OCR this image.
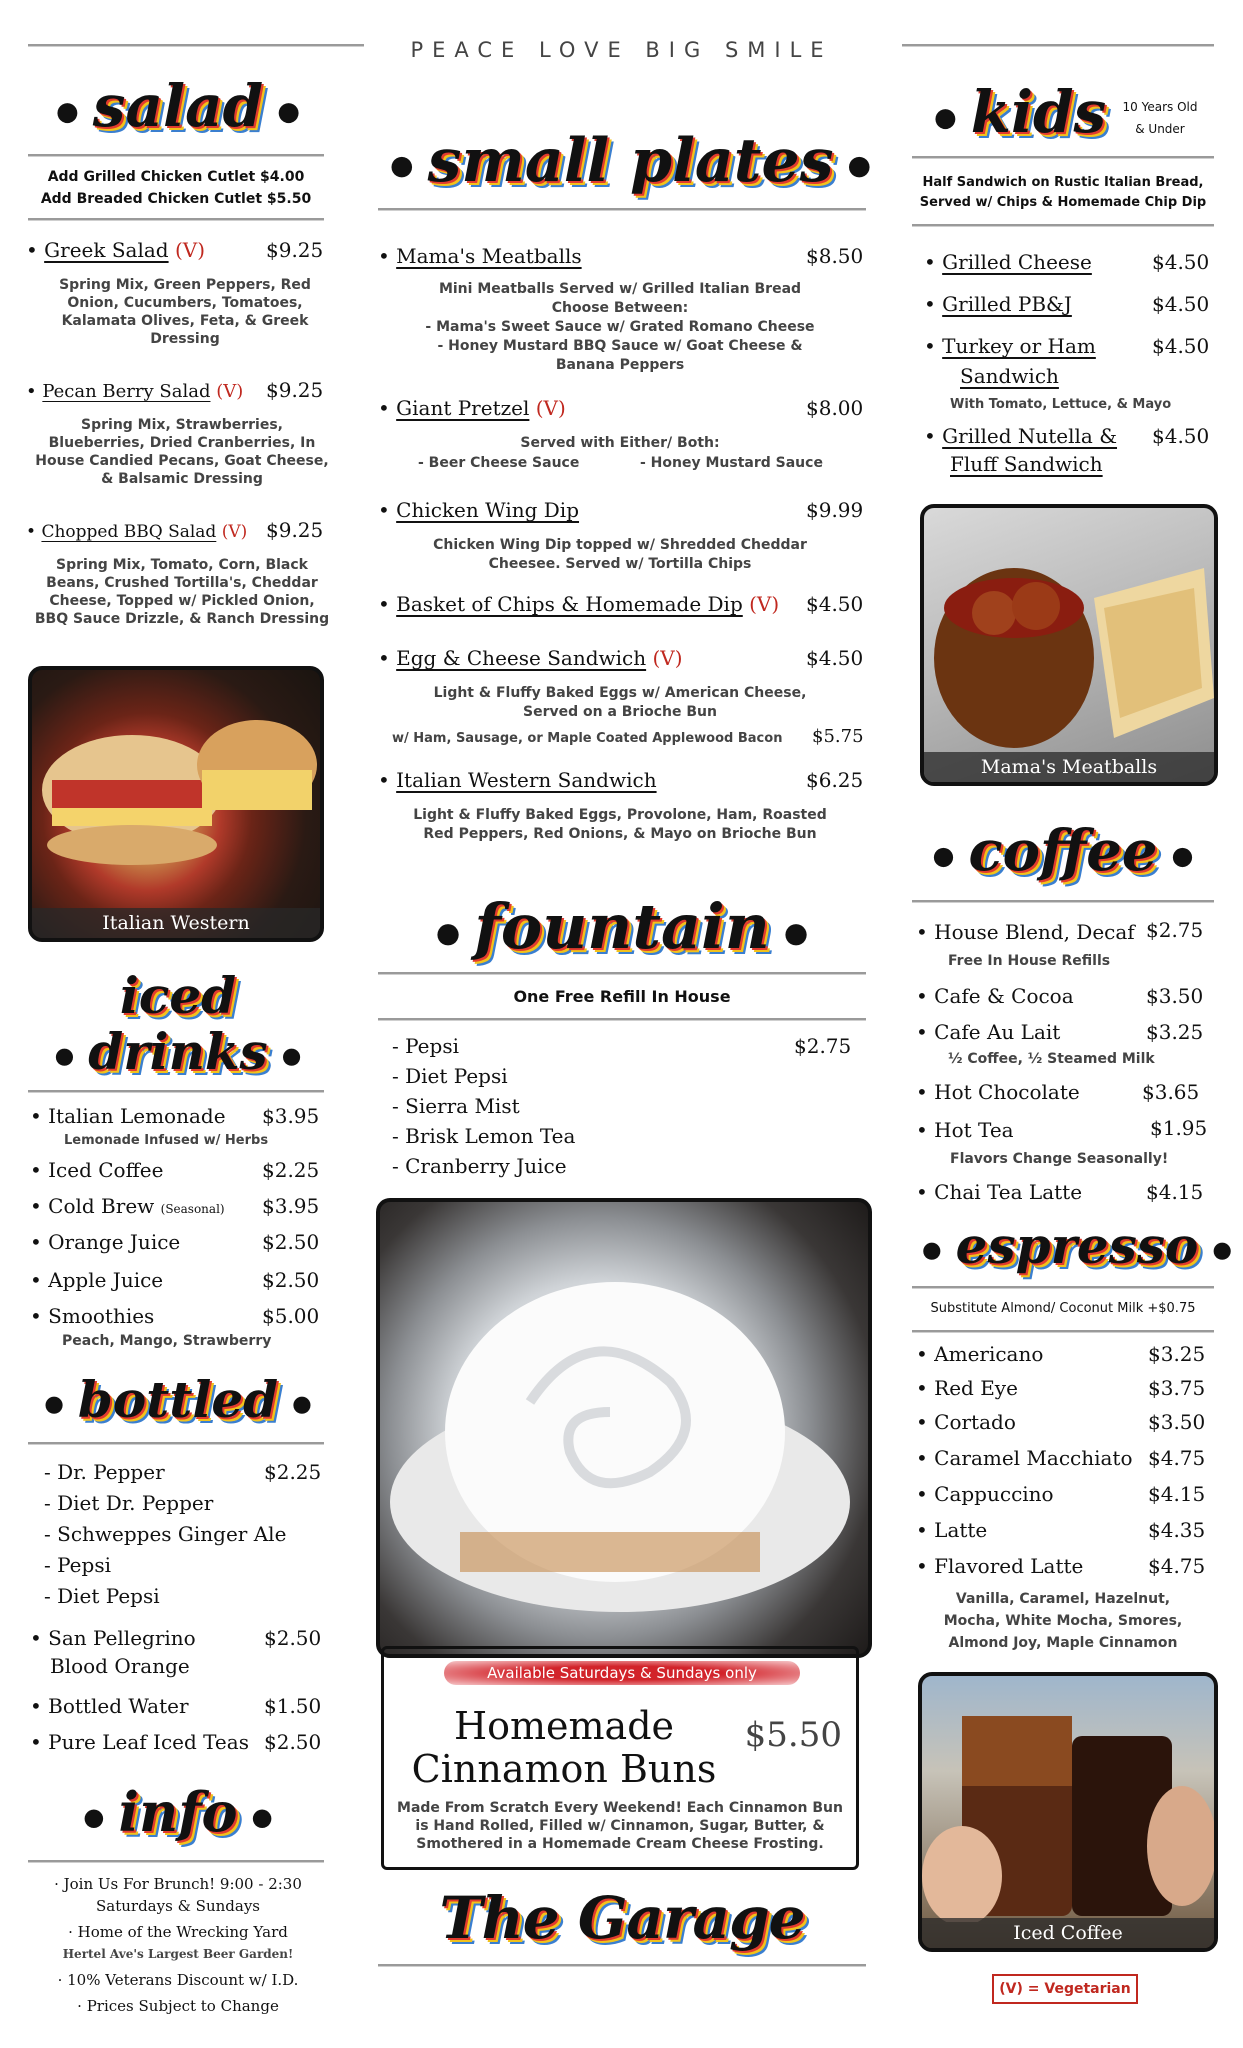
PEACE LOVE BIG SMILE
● salad ●
Add Grilled Chicken Cutlet $4.00
Add Breaded Chicken Cutlet $5.50
• Greek Salad (V)	$9.25
Spring Mix, Green Peppers, Red Onion, Cucumbers, Tomatoes, Kalamata Olives, Feta, & Greek Dressing
• Pecan Berry Salad (V) $9.25
Spring Mix, Strawberries, Blueberries, Dried Cranberries, In House Candied Pecans, Goat Cheese, & Balsamic Dressing
• Chopped BBQ Salad (V) $9.25
Spring Mix, Tomato, Corn, Black Beans, Crushed Tortilla's, Cheddar Cheese, Topped w/ Pickled Onion, BBQ Sauce Drizzle, & Ranch Dressing
Italian Western
iced
● drinks ●
• Italian Lemonade $3.95
Lemonade Infused w/ Herbs
• Iced Coffee	$2.25
• Cold Brew (Seasonal) $3.95
• Orange Juice	$2.50
• Apple Juice	$2.50
• Smoothies	$5.00
Peach, Mango, Strawberry
● bottled ●
- Dr. Pepper	$2.25
- Diet Dr. Pepper
- Schweppes Ginger Ale
- Pepsi
- Diet Pepsi
• San Pellegrino
Blood Orange
$2.50
• Bottled Water	$1.50
• Pure Leaf Iced Teas $2.50
● info ●
· Join Us For Brunch! 9:00 - 2:30
Saturdays & Sundays
· Home of the Wrecking Yard
Hertel Ave's Largest Beer Garden!
· 10% Veterans Discount w/ I.D.
· Prices Subject to Change
● small plates ●
• Mama's Meatballs	$8.50
Mini Meatballs Served w/ Grilled Italian Bread
Choose Between:
- Mama's Sweet Sauce w/ Grated Romano Cheese
- Honey Mustard BBQ Sauce w/ Goat Cheese &
Banana Peppers
• Giant Pretzel (V)	$8.00
Served with Either/ Both:
- Beer Cheese Sauce	- Honey Mustard Sauce
• Chicken Wing Dip	$9.99
Chicken Wing Dip topped w/ Shredded Cheddar
Cheesee. Served w/ Tortilla Chips
• Basket of Chips & Homemade Dip (V) $4.50
• Egg & Cheese Sandwich (V)	$4.50
Light & Fluffy Baked Eggs w/ American Cheese,
Served on a Brioche Bun
w/ Ham, Sausage, or Maple Coated Applewood Bacon $5.75
• Italian Western Sandwich	$6.25
Light & Fluffy Baked Eggs, Provolone, Ham, Roasted
Red Peppers, Red Onions, & Mayo on Brioche Bun
● fountain ●
One Free Refill In House
- Pepsi	$2.75
- Diet Pepsi
- Sierra Mist
- Brisk Lemon Tea
- Cranberry Juice
Available Saturdays & Sundays only
Homemade
Cinnamon Buns
$5.50
Made From Scratch Every Weekend! Each Cinnamon Bun is Hand Rolled, Filled w/ Cinnamon, Sugar, Butter, & Smothered in a Homemade Cream Cheese Frosting.
The Garage
● kids	10 Years Old
& Under
Half Sandwich on Rustic Italian Bread,
Served w/ Chips & Homemade Chip Dip
• Grilled Cheese	$4.50
• Grilled PB&J	$4.50
• Turkey or Ham
Sandwich
$4.50
With Tomato, Lettuce, & Mayo
• Grilled Nutella &
Fluff Sandwich
$4.50
Mama's Meatballs
● coffee ●
• House Blend, Decaf $2.75
Free In House Refills
• Cafe & Cocoa	$3.50
• Cafe Au Lait	$3.25
½ Coffee, ½ Steamed Milk
• Hot Chocolate	$3.65
• Hot Tea	$1.95
Flavors Change Seasonally!
• Chai Tea Latte	$4.15
● espresso ●
Substitute Almond/ Coconut Milk +$0.75
• Americano	$3.25
• Red Eye	$3.75
• Cortado	$3.50
• Caramel Macchiato $4.75
• Cappuccino	$4.15
• Latte	$4.35
• Flavored Latte	$4.75
Vanilla, Caramel, Hazelnut,
Mocha, White Mocha, Smores,
Almond Joy, Maple Cinnamon
Iced Coffee
(V) = Vegetarian
